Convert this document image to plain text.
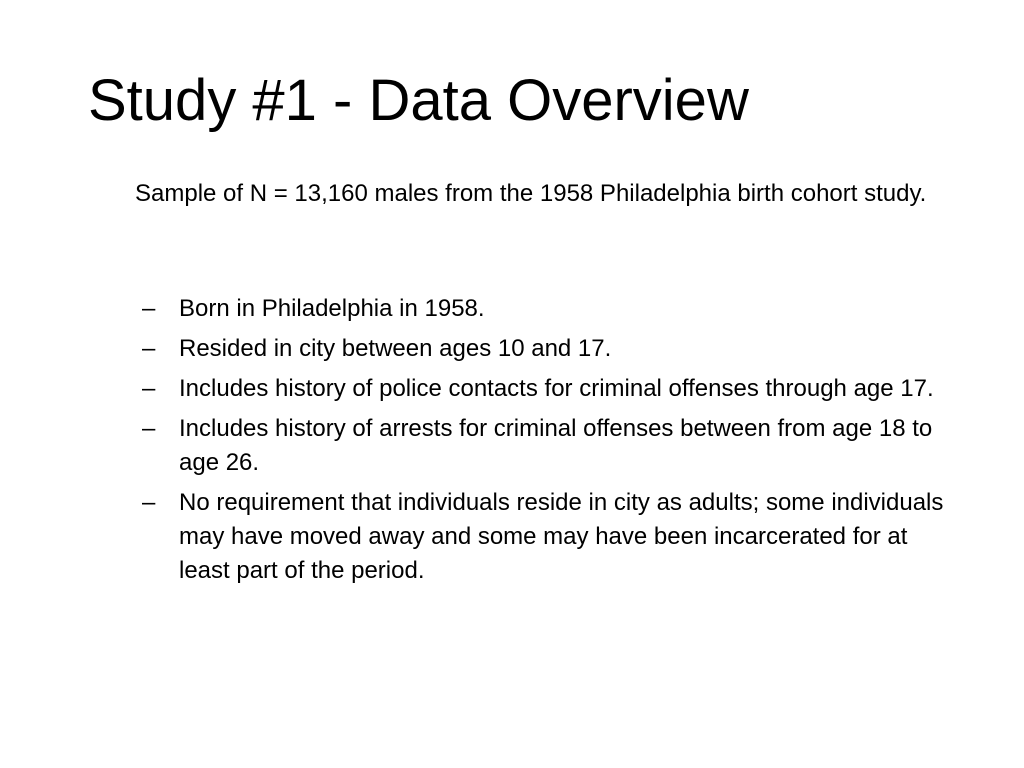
Study #1 - Data Overview

Sample of N = 13,160 males from the 1958 Philadelphia birth cohort study.

– Born in Philadelphia in 1958.
– Resided in city between ages 10 and 17.
– Includes history of police contacts for criminal offenses through age 17.
– Includes history of arrests for criminal offenses between from age 18 to age 26.
– No requirement that individuals reside in city as adults; some individuals may have moved away and some may have been incarcerated for at least part of the period.
